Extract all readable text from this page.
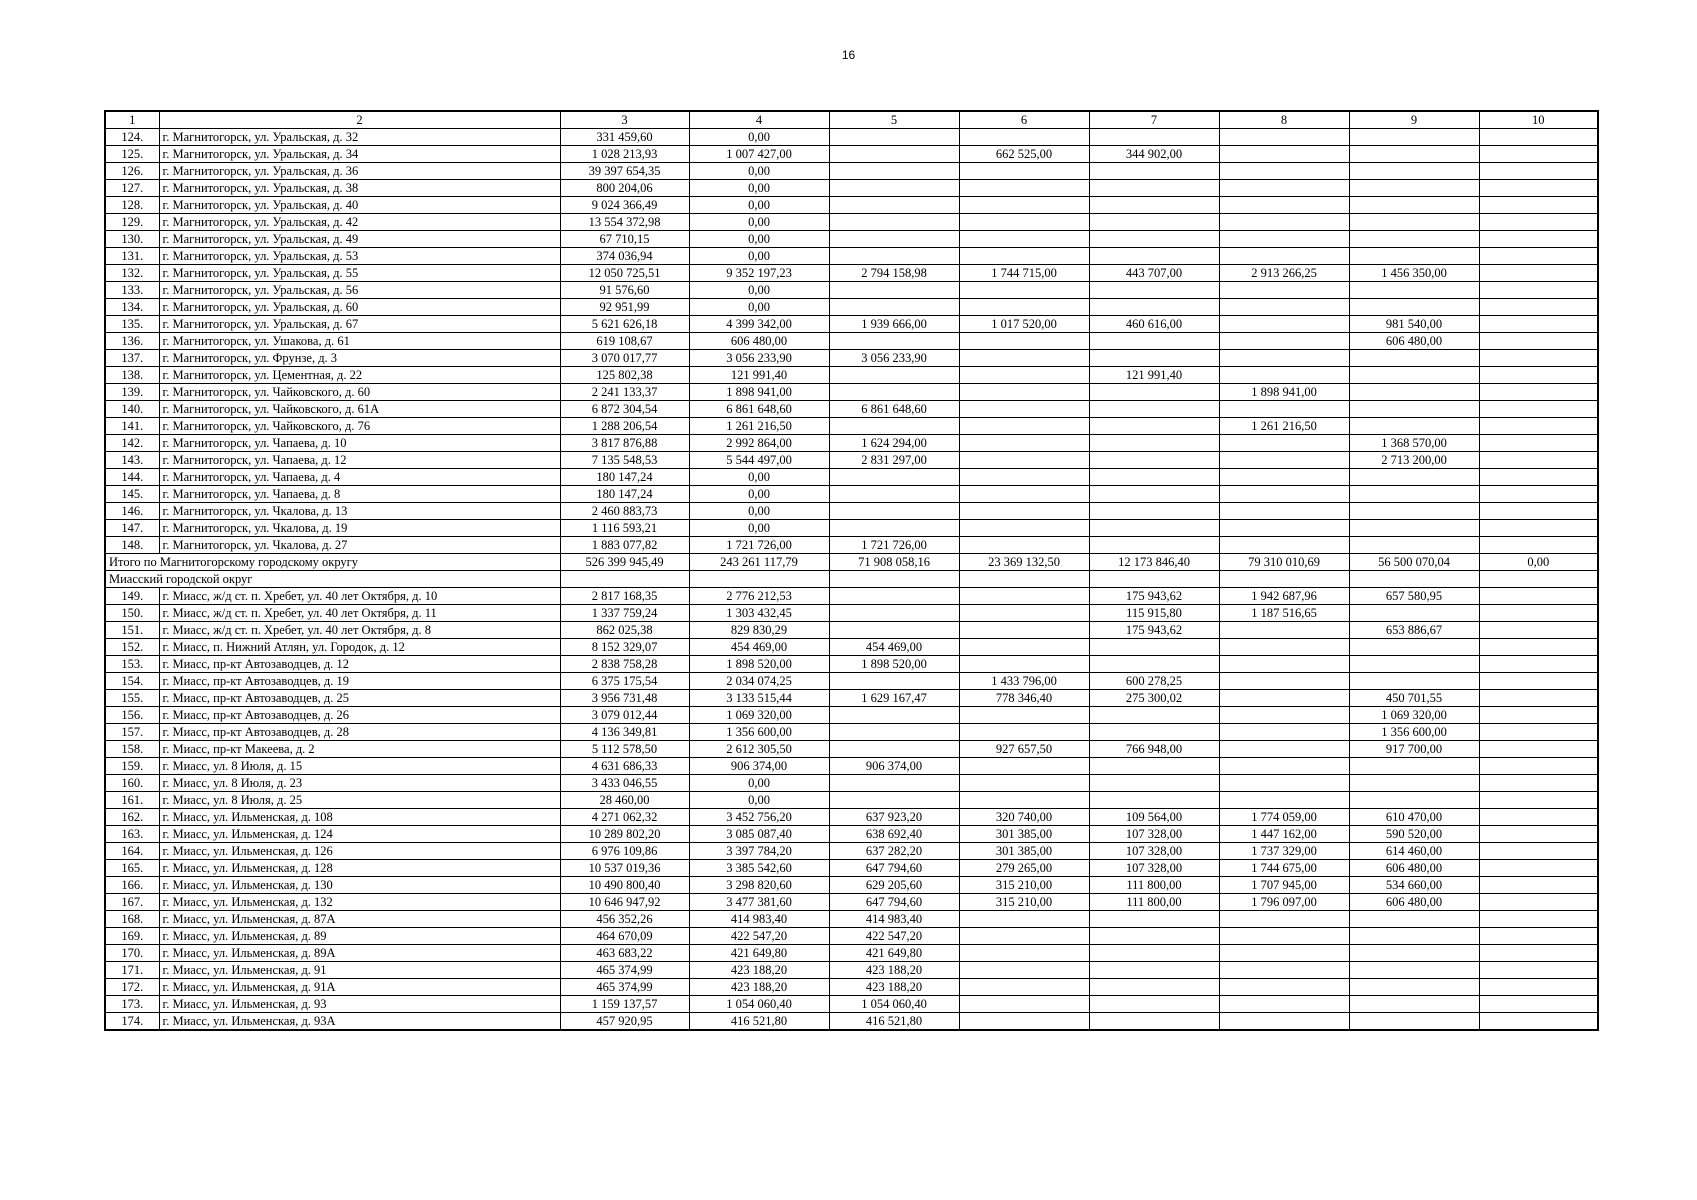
16
1	2	3	4	5	6	7	8	9	10
124.	г. Магнитогорск, ул. Уральская, д. 32	331 459,60	0,00						
125.	г. Магнитогорск, ул. Уральская, д. 34	1 028 213,93	1 007 427,00		662 525,00	344 902,00			
126.	г. Магнитогорск, ул. Уральская, д. 36	39 397 654,35	0,00						
127.	г. Магнитогорск, ул. Уральская, д. 38	800 204,06	0,00						
128.	г. Магнитогорск, ул. Уральская, д. 40	9 024 366,49	0,00						
129.	г. Магнитогорск, ул. Уральская, д. 42	13 554 372,98	0,00						
130.	г. Магнитогорск, ул. Уральская, д. 49	67 710,15	0,00						
131.	г. Магнитогорск, ул. Уральская, д. 53	374 036,94	0,00						
132.	г. Магнитогорск, ул. Уральская, д. 55	12 050 725,51	9 352 197,23	2 794 158,98	1 744 715,00	443 707,00	2 913 266,25	1 456 350,00	
133.	г. Магнитогорск, ул. Уральская, д. 56	91 576,60	0,00						
134.	г. Магнитогорск, ул. Уральская, д. 60	92 951,99	0,00						
135.	г. Магнитогорск, ул. Уральская, д. 67	5 621 626,18	4 399 342,00	1 939 666,00	1 017 520,00	460 616,00		981 540,00	
136.	г. Магнитогорск, ул. Ушакова, д. 61	619 108,67	606 480,00					606 480,00	
137.	г. Магнитогорск, ул. Фрунзе, д. 3	3 070 017,77	3 056 233,90	3 056 233,90					
138.	г. Магнитогорск, ул. Цементная, д. 22	125 802,38	121 991,40			121 991,40			
139.	г. Магнитогорск, ул. Чайковского, д. 60	2 241 133,37	1 898 941,00				1 898 941,00		
140.	г. Магнитогорск, ул. Чайковского, д. 61А	6 872 304,54	6 861 648,60	6 861 648,60					
141.	г. Магнитогорск, ул. Чайковского, д. 76	1 288 206,54	1 261 216,50				1 261 216,50		
142.	г. Магнитогорск, ул. Чапаева, д. 10	3 817 876,88	2 992 864,00	1 624 294,00				1 368 570,00	
143.	г. Магнитогорск, ул. Чапаева, д. 12	7 135 548,53	5 544 497,00	2 831 297,00				2 713 200,00	
144.	г. Магнитогорск, ул. Чапаева, д. 4	180 147,24	0,00						
145.	г. Магнитогорск, ул. Чапаева, д. 8	180 147,24	0,00						
146.	г. Магнитогорск, ул. Чкалова, д. 13	2 460 883,73	0,00						
147.	г. Магнитогорск, ул. Чкалова, д. 19	1 116 593,21	0,00						
148.	г. Магнитогорск, ул. Чкалова, д. 27	1 883 077,82	1 721 726,00	1 721 726,00					
Итого по Магнитогорскому городскому округу		526 399 945,49	243 261 117,79	71 908 058,16	23 369 132,50	12 173 846,40	79 310 010,69	56 500 070,04	0,00
Миасский городской округ									
149.	г. Миасс, ж/д ст. п. Хребет, ул. 40 лет Октября, д. 10	2 817 168,35	2 776 212,53			175 943,62	1 942 687,96	657 580,95	
150.	г. Миасс, ж/д ст. п. Хребет, ул. 40 лет Октября, д. 11	1 337 759,24	1 303 432,45			115 915,80	1 187 516,65		
151.	г. Миасс, ж/д ст. п. Хребет, ул. 40 лет Октября, д. 8	862 025,38	829 830,29			175 943,62		653 886,67	
152.	г. Миасс, п. Нижний Атлян, ул. Городок, д. 12	8 152 329,07	454 469,00	454 469,00					
153.	г. Миасс, пр-кт Автозаводцев, д. 12	2 838 758,28	1 898 520,00	1 898 520,00					
154.	г. Миасс, пр-кт Автозаводцев, д. 19	6 375 175,54	2 034 074,25		1 433 796,00	600 278,25			
155.	г. Миасс, пр-кт Автозаводцев, д. 25	3 956 731,48	3 133 515,44	1 629 167,47	778 346,40	275 300,02		450 701,55	
156.	г. Миасс, пр-кт Автозаводцев, д. 26	3 079 012,44	1 069 320,00					1 069 320,00	
157.	г. Миасс, пр-кт Автозаводцев, д. 28	4 136 349,81	1 356 600,00					1 356 600,00	
158.	г. Миасс, пр-кт Макеева, д. 2	5 112 578,50	2 612 305,50		927 657,50	766 948,00		917 700,00	
159.	г. Миасс, ул. 8 Июля, д. 15	4 631 686,33	906 374,00	906 374,00					
160.	г. Миасс, ул. 8 Июля, д. 23	3 433 046,55	0,00						
161.	г. Миасс, ул. 8 Июля, д. 25	28 460,00	0,00						
162.	г. Миасс, ул. Ильменская, д. 108	4 271 062,32	3 452 756,20	637 923,20	320 740,00	109 564,00	1 774 059,00	610 470,00	
163.	г. Миасс, ул. Ильменская, д. 124	10 289 802,20	3 085 087,40	638 692,40	301 385,00	107 328,00	1 447 162,00	590 520,00	
164.	г. Миасс, ул. Ильменская, д. 126	6 976 109,86	3 397 784,20	637 282,20	301 385,00	107 328,00	1 737 329,00	614 460,00	
165.	г. Миасс, ул. Ильменская, д. 128	10 537 019,36	3 385 542,60	647 794,60	279 265,00	107 328,00	1 744 675,00	606 480,00	
166.	г. Миасс, ул. Ильменская, д. 130	10 490 800,40	3 298 820,60	629 205,60	315 210,00	111 800,00	1 707 945,00	534 660,00	
167.	г. Миасс, ул. Ильменская, д. 132	10 646 947,92	3 477 381,60	647 794,60	315 210,00	111 800,00	1 796 097,00	606 480,00	
168.	г. Миасс, ул. Ильменская, д. 87А	456 352,26	414 983,40	414 983,40					
169.	г. Миасс, ул. Ильменская, д. 89	464 670,09	422 547,20	422 547,20					
170.	г. Миасс, ул. Ильменская, д. 89А	463 683,22	421 649,80	421 649,80					
171.	г. Миасс, ул. Ильменская, д. 91	465 374,99	423 188,20	423 188,20					
172.	г. Миасс, ул. Ильменская, д. 91А	465 374,99	423 188,20	423 188,20					
173.	г. Миасс, ул. Ильменская, д. 93	1 159 137,57	1 054 060,40	1 054 060,40					
174.	г. Миасс, ул. Ильменская, д. 93А	457 920,95	416 521,80	416 521,80					
